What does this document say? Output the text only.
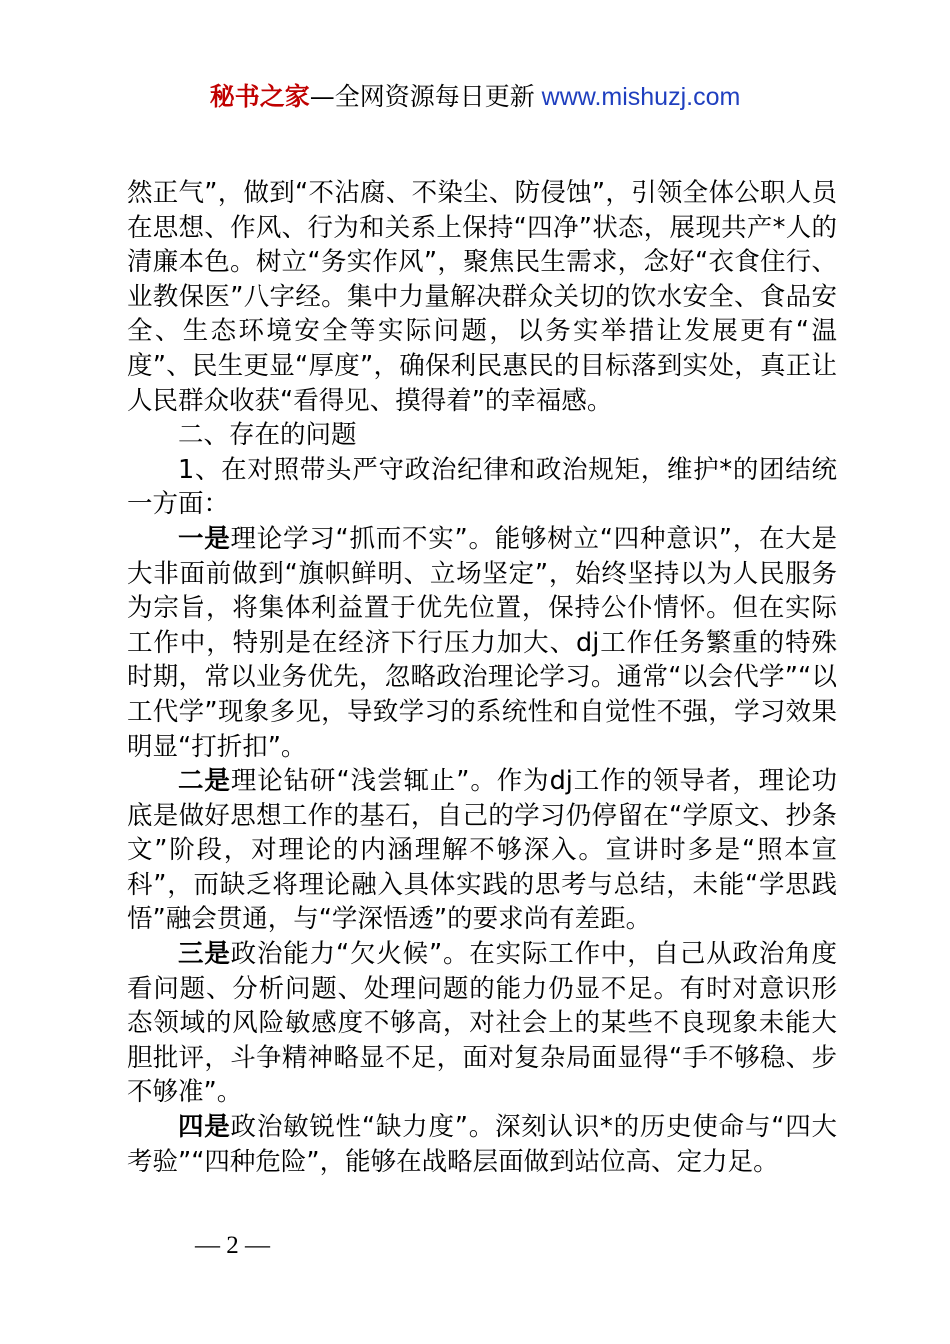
秘书之家—全网资源每日更新 www.mishuzj.com

然正气”，做到“不沾腐、不染尘、防侵蚀”，引领全体公职人员在思想、作风、行为和关系上保持“四净”状态，展现共产*人的清廉本色。树立“务实作风”，聚焦民生需求，念好“衣食住行、业教保医”八字经。集中力量解决群众关切的饮水安全、食品安全、生态环境安全等实际问题，以务实举措让发展更有“温度”、民生更显“厚度”，确保利民惠民的目标落到实处，真正让人民群众收获“看得见、摸得着”的幸福感。

二、存在的问题

1、在对照带头严守政治纪律和政治规矩，维护*的团结统一方面：

一是理论学习“抓而不实”。能够树立“四种意识”，在大是大非面前做到“旗帜鲜明、立场坚定”，始终坚持以为人民服务为宗旨，将集体利益置于优先位置，保持公仆情怀。但在实际工作中，特别是在经济下行压力加大、dj工作任务繁重的特殊时期，常以业务优先，忽略政治理论学习。通常“以会代学”“以工代学”现象多见，导致学习的系统性和自觉性不强，学习效果明显“打折扣”。

二是理论钻研“浅尝辄止”。作为dj工作的领导者，理论功底是做好思想工作的基石，自己的学习仍停留在“学原文、抄条文”阶段，对理论的内涵理解不够深入。宣讲时多是“照本宣科”，而缺乏将理论融入具体实践的思考与总结，未能“学思践悟”融会贯通，与“学深悟透”的要求尚有差距。

三是政治能力“欠火候”。在实际工作中，自己从政治角度看问题、分析问题、处理问题的能力仍显不足。有时对意识形态领域的风险敏感度不够高，对社会上的某些不良现象未能大胆批评，斗争精神略显不足，面对复杂局面显得“手不够稳、步不够准”。

四是政治敏锐性“缺力度”。深刻认识*的历史使命与“四大考验”“四种危险”，能够在战略层面做到站位高、定力足。

— 2 —
